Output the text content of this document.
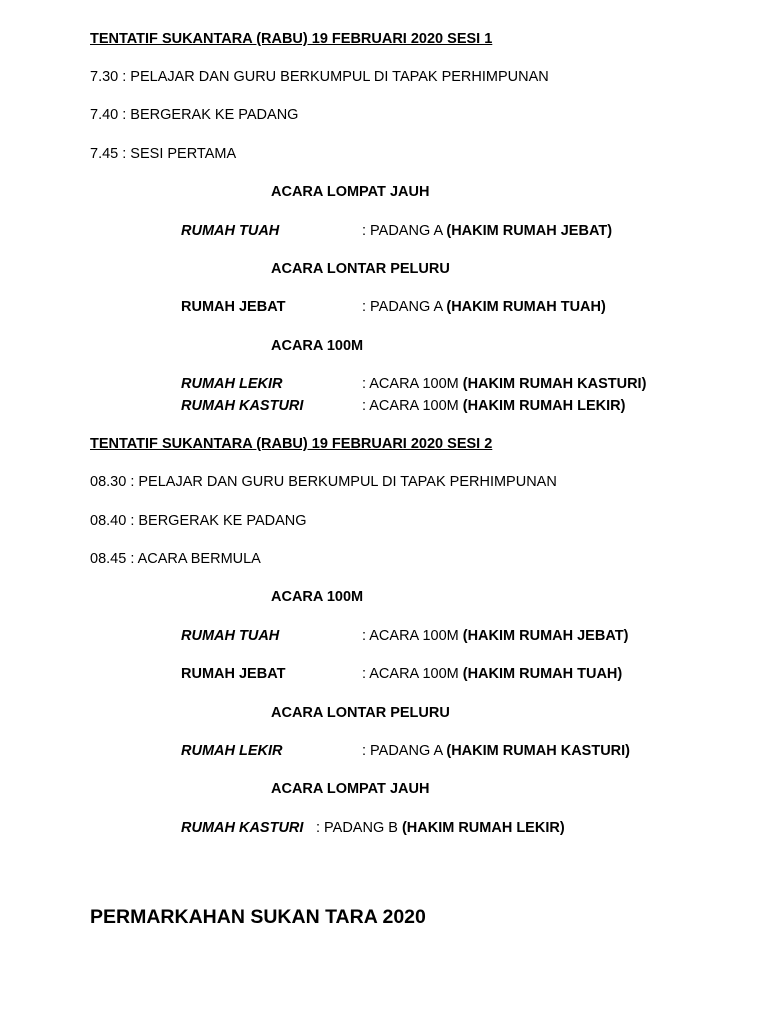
TENTATIF SUKANTARA (RABU) 19 FEBRUARI 2020 SESI 1
7.30 : PELAJAR DAN GURU BERKUMPUL DI TAPAK PERHIMPUNAN
7.40 : BERGERAK KE PADANG
7.45 : SESI PERTAMA
ACARA LOMPAT JAUH
RUMAH TUAH	: PADANG A (HAKIM RUMAH JEBAT)
ACARA LONTAR PELURU
RUMAH JEBAT	: PADANG A (HAKIM RUMAH TUAH)
ACARA 100M
RUMAH LEKIR	: ACARA 100M (HAKIM RUMAH KASTURI)
RUMAH KASTURI	: ACARA 100M (HAKIM RUMAH LEKIR)
TENTATIF SUKANTARA (RABU) 19 FEBRUARI 2020 SESI 2
08.30 : PELAJAR DAN GURU BERKUMPUL DI TAPAK PERHIMPUNAN
08.40 : BERGERAK KE PADANG
08.45 : ACARA BERMULA
ACARA 100M
RUMAH TUAH	: ACARA 100M (HAKIM RUMAH JEBAT)
RUMAH JEBAT	: ACARA 100M (HAKIM RUMAH TUAH)
ACARA LONTAR PELURU
RUMAH LEKIR	: PADANG A (HAKIM RUMAH KASTURI)
ACARA LOMPAT JAUH
RUMAH KASTURI : PADANG B (HAKIM RUMAH LEKIR)
PERMARKAHAN SUKAN TARA 2020
